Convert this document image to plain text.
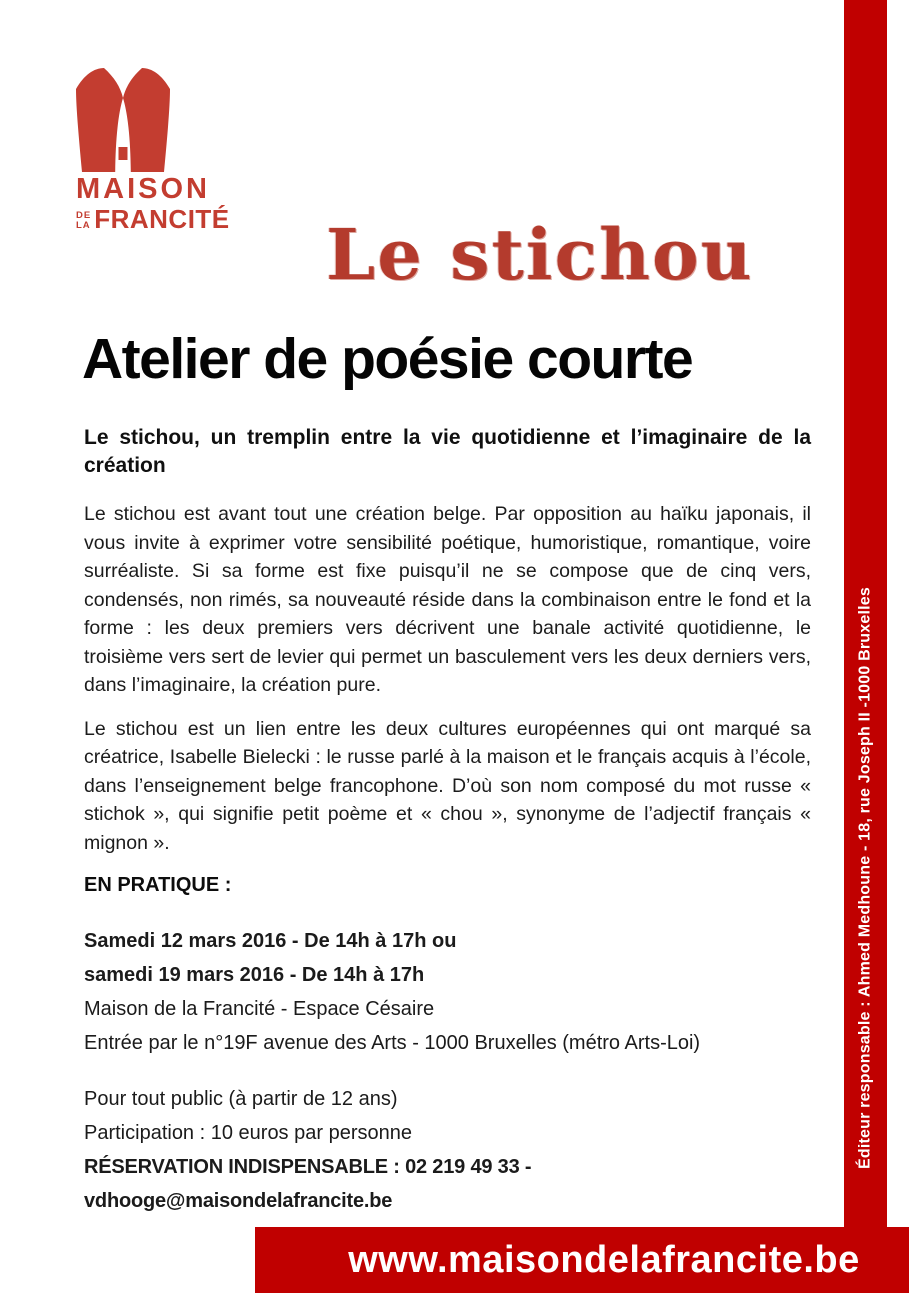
Éditeur responsable : Ahmed Medhoune - 18, rue Joseph II -1000 Bruxelles
MAISON
DE
LA FRANCITÉ Le stichou
Atelier de poésie courte
Le stichou, un tremplin entre la vie quotidienne et l’imaginaire de la création

Le stichou est avant tout une création belge. Par opposition au haïku japonais, il vous invite à exprimer votre sensibilité poétique, humoristique, romantique, voire surréaliste. Si sa forme est fixe puisqu’il ne se compose que de cinq vers, condensés, non rimés, sa nouveauté réside dans la combinaison entre le fond et la forme : les deux premiers vers décrivent une banale activité quotidienne, le troisième vers sert de levier qui permet un basculement vers les deux derniers vers, dans l’imaginaire, la création pure.

Le stichou est un lien entre les deux cultures européennes qui ont marqué sa créatrice, Isabelle Bielecki : le russe parlé à la maison et le français acquis à l’école, dans l’enseignement belge francophone. D’où son nom composé du mot russe « stichok », qui signifie petit poème et « chou », synonyme de l’adjectif français « mignon ».

EN PRATIQUE :

Samedi 12 mars 2016 - De 14h à 17h ou

samedi 19 mars 2016 - De 14h à 17h

Maison de la Francité - Espace Césaire

Entrée par le n°19F avenue des Arts - 1000 Bruxelles (métro Arts-Loi)

Pour tout public (à partir de 12 ans)

Participation : 10 euros par personne

RÉSERVATION INDISPENSABLE : 02 219 49 33 - vdhooge@maisondelafrancite.be

www.maisondelafrancite.be
